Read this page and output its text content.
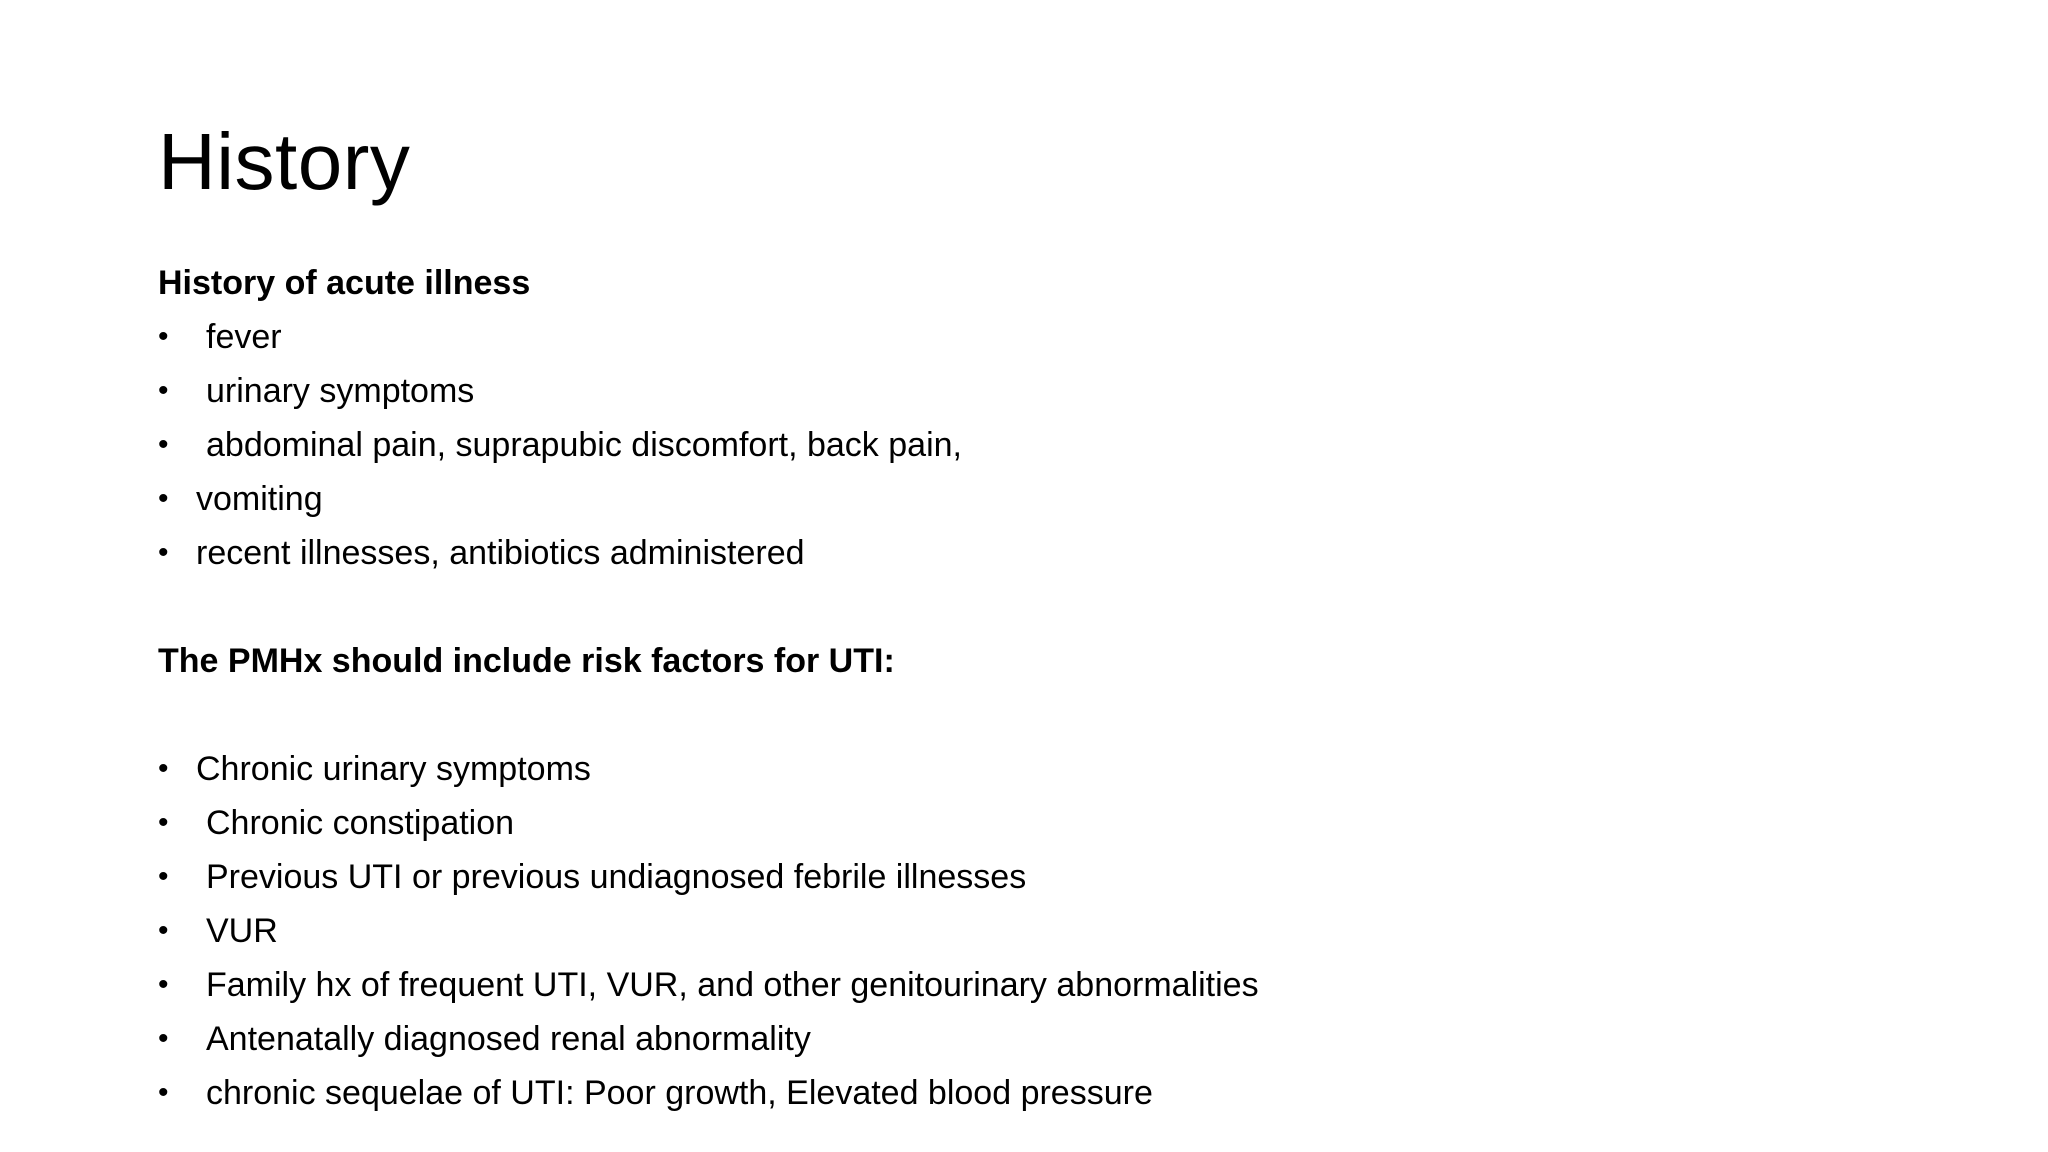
History
History of acute illness
• fever
• urinary symptoms
• abdominal pain, suprapubic discomfort, back pain,
• vomiting
• recent illnesses, antibiotics administered
The PMHx should include risk factors for UTI:
• Chronic urinary symptoms
• Chronic constipation
• Previous UTI or previous undiagnosed febrile illnesses
• VUR
• Family hx of frequent UTI, VUR, and other genitourinary abnormalities
• Antenatally diagnosed renal abnormality
• chronic sequelae of UTI: Poor growth, Elevated blood pressure
